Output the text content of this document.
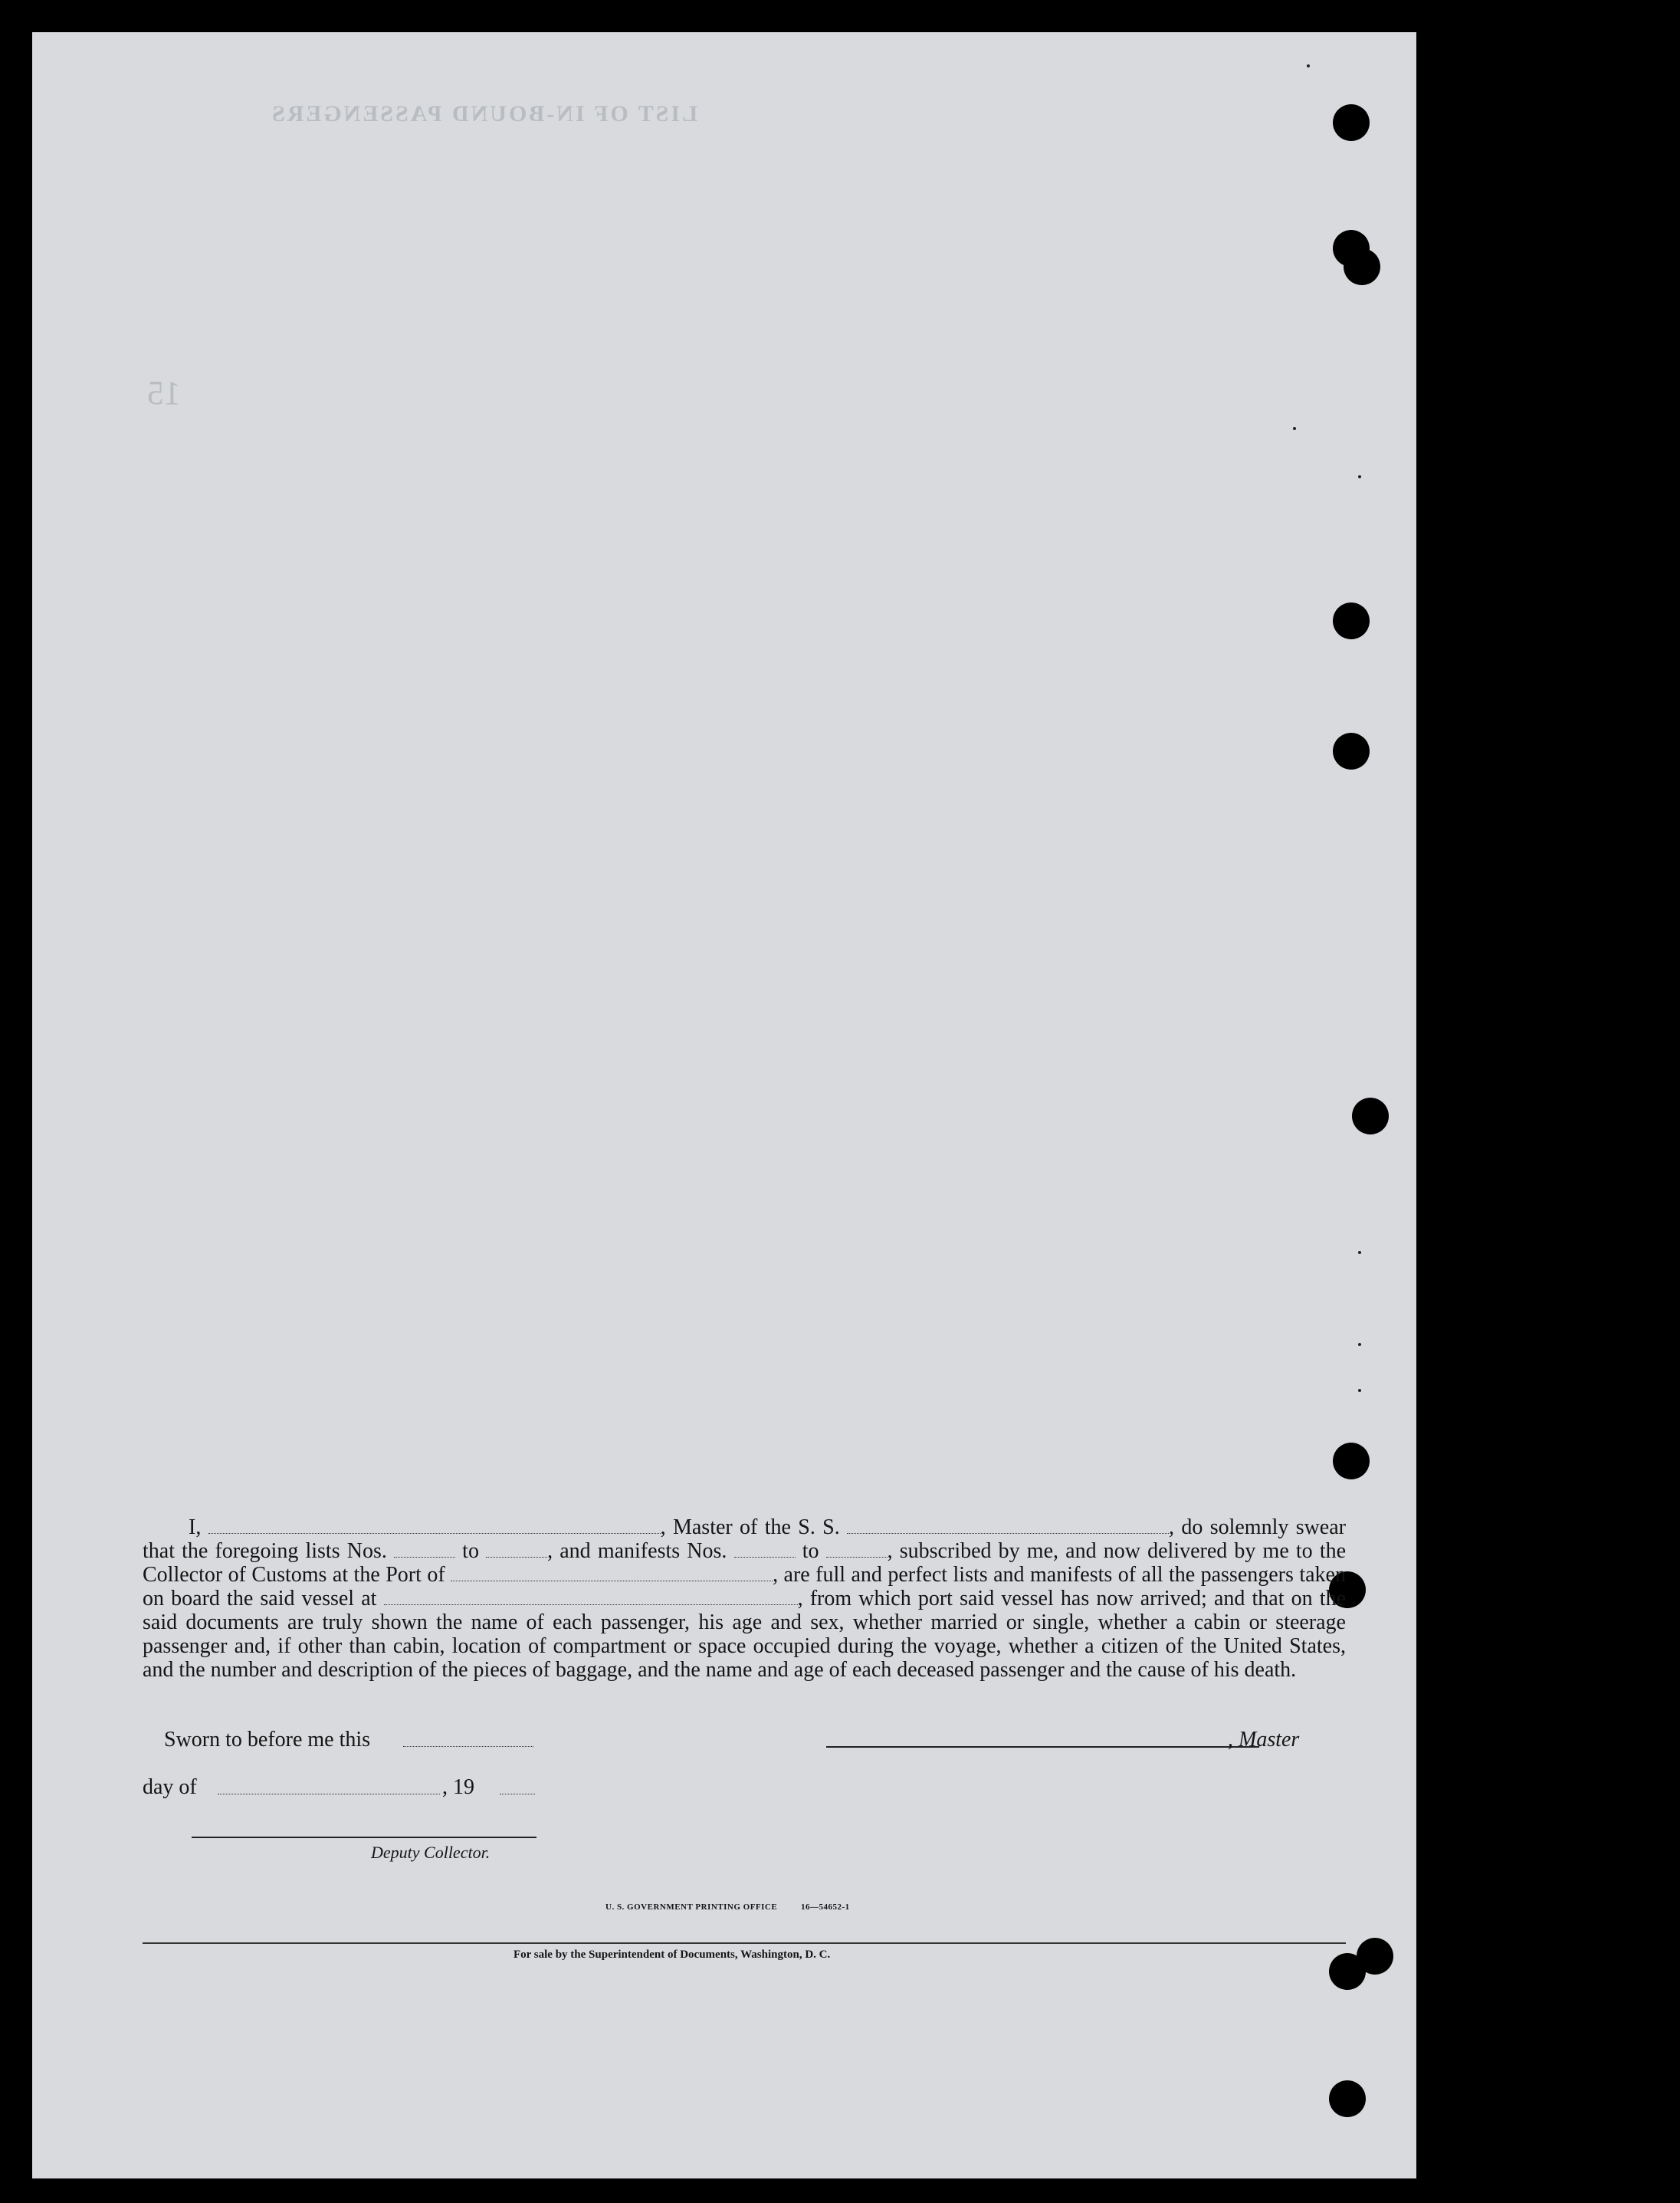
LIST OF IN-BOUND PASSENGERS
15

I,	, Master of the S. S.	, do solemnly swear that the foregoing lists Nos.	to	, and manifests Nos.	to	, subscribed by me, and now delivered by me to the Collector of Customs at the Port of	, are full and perfect lists and manifests of all the passengers taken on board the said vessel at	, from which port said vessel has now arrived; and that on the said documents are truly shown the name of each passenger, his age and sex, whether married or single, whether a cabin or steerage passenger and, if other than cabin, location of compartment or space occupied during the voyage, whether a citizen of the United States, and the number and description of the pieces of baggage, and the name and age of each deceased passenger and the cause of his death.

Sworn to before me this	, Master
day of	, 19
Deputy Collector.
U. S. GOVERNMENT PRINTING OFFICE	16—54652-1
For sale by the Superintendent of Documents, Washington, D. C.
